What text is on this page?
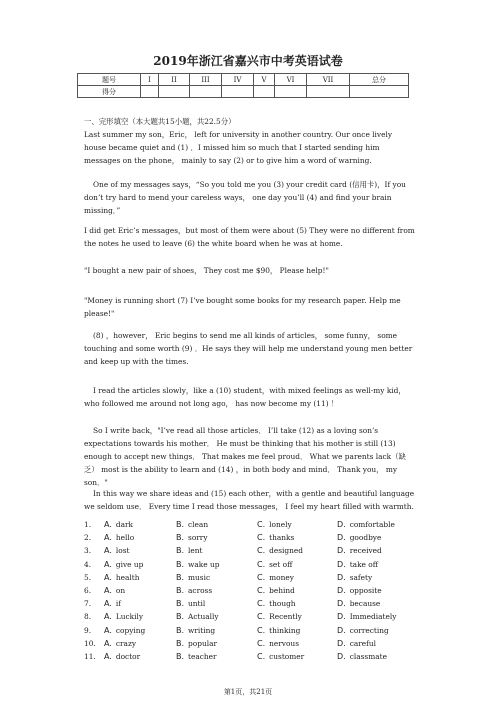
2019年浙江省嘉兴市中考英语试卷
题号	I	II	III	IV	V	VI	VII	总分
得分								
一、完形填空（本大题共15小题，共22.5分）
Last summer my son，Eric， left for university in another country. Our once lively house became quiet and (1) ．I missed him so much that I started sending him messages on the phone， mainly to say (2) or to give him a word of warning.
One of my messages says，“So you told me you (3) your credit card (信用卡)，If you don’t try hard to mend your careless ways， one day you’ll (4) and find your brain missing．”
I did get Eric’s messages，but most of them were about (5) They were no different from the notes he used to leave (6) the white board when he was at home.
"I bought a new pair of shoes， They cost me $90， Please help!"
"Money is running short (7) I’ve bought some books for my research paper. Help me please!"
(8) ，however， Eric begins to send me all kinds of articles， some funny， some touching and some worth (9) ．He says they will help me understand young men better and keep up with the times.
I read the articles slowly，like a (10) student，with mixed feelings as well-my kid，who followed me around not long ago， has now become my (11) ！
So I write back，"I’ve read all those articles． I’ll take (12) as a loving son’s expectations towards his mother． He must be thinking that his mother is still (13) enough to accept new things． That makes me feel proud． What we parents lack（缺乏） most is the ability to learn and (14) ，in both body and mind． Thank you， my son．"
In this way we share ideas and (15) each other，with a gentle and beautiful language we seldom use． Every time I read those messages， I feel my heart filled with warmth.
1. A. dark	B. clean	C. lonely	D. comfortable
2. A. hello	B. sorry	C. thanks	D. goodbye
3. A. lost	B. lent	C. designed	D. received
4. A. give up	B. wake up	C. set off	D. take off
5. A. health	B. music	C. money	D. safety
6. A. on	B. across	C. behind	D. opposite
7. A. if	B. until	C. though	D. because
8. A. Luckily	B. Actually	C. Recently	D. Immediately
9. A. copying	B. writing	C. thinking	D. correcting
10. A. crazy	B. popular	C. nervous	D. careful
11. A. doctor	B. teacher	C. customer	D. classmate
第1页，共21页
